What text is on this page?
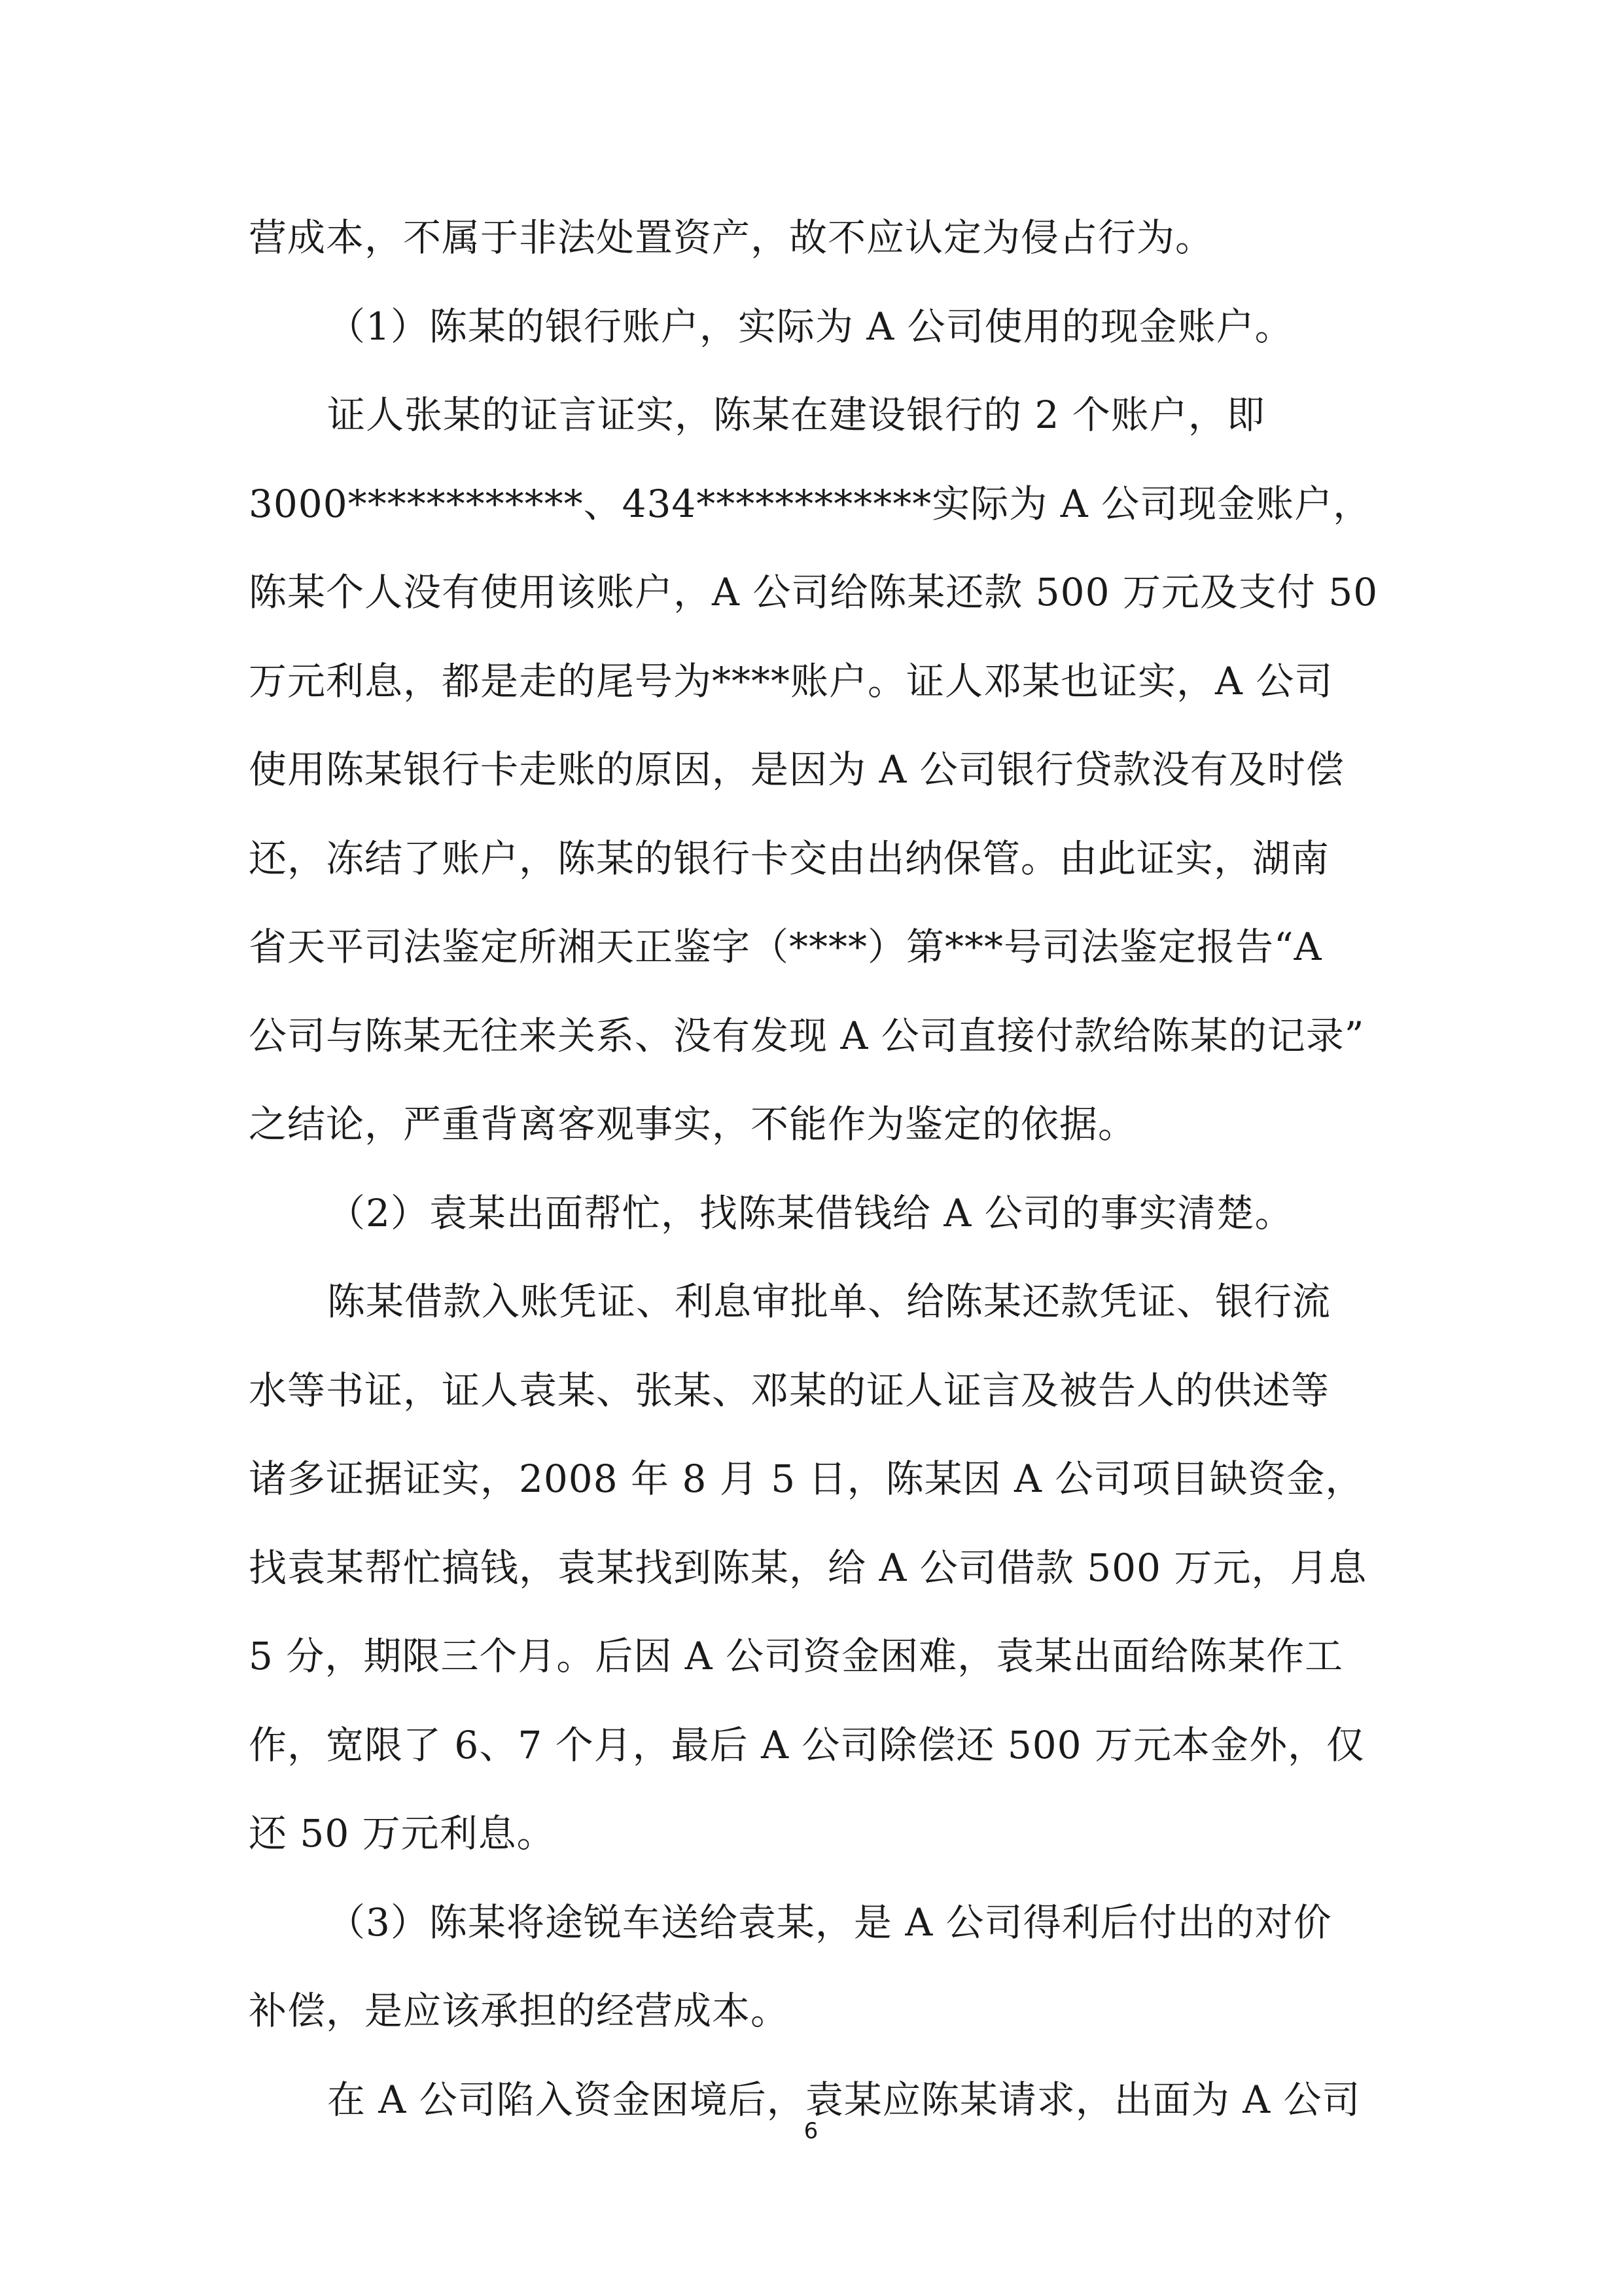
营成本，不属于非法处置资产，故不应认定为侵占行为。

（1）陈某的银行账户，实际为 A 公司使用的现金账户。

证人张某的证言证实，陈某在建设银行的 2 个账户，即

3000************、434************实际为 A 公司现金账户，

陈某个人没有使用该账户，A 公司给陈某还款 500 万元及支付 50

万元利息，都是走的尾号为****账户。证人邓某也证实，A 公司

使用陈某银行卡走账的原因，是因为 A 公司银行贷款没有及时偿

还，冻结了账户，陈某的银行卡交由出纳保管。由此证实，湖南

省天平司法鉴定所湘天正鉴字（****）第***号司法鉴定报告“A

公司与陈某无往来关系、没有发现 A 公司直接付款给陈某的记录”

之结论，严重背离客观事实，不能作为鉴定的依据。

（2）袁某出面帮忙，找陈某借钱给 A 公司的事实清楚。

陈某借款入账凭证、利息审批单、给陈某还款凭证、银行流

水等书证，证人袁某、张某、邓某的证人证言及被告人的供述等

诸多证据证实，2008 年 8 月 5 日，陈某因 A 公司项目缺资金，

找袁某帮忙搞钱，袁某找到陈某，给 A 公司借款 500 万元，月息

5 分，期限三个月。后因 A 公司资金困难，袁某出面给陈某作工

作，宽限了 6、7 个月，最后 A 公司除偿还 500 万元本金外，仅

还 50 万元利息。

（3）陈某将途锐车送给袁某，是 A 公司得利后付出的对价

补偿，是应该承担的经营成本。

在 A 公司陷入资金困境后，袁某应陈某请求，出面为 A 公司

6
